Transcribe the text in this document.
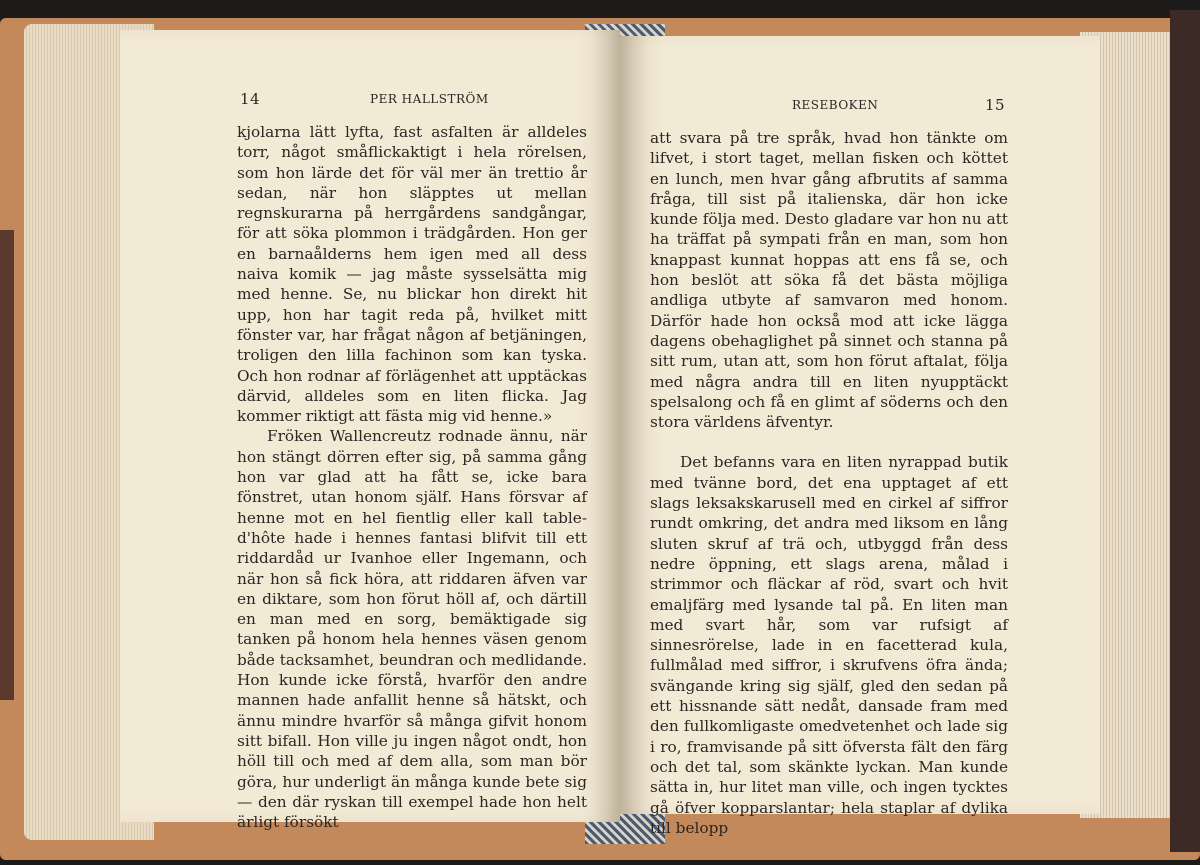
14	PER HALLSTRÖM

kjolarna lätt lyfta, fast asfalten är alldeles torr, något småflickaktigt i hela rörelsen, som hon lärde det för väl mer än trettio år sedan, när hon släpptes ut mellan regnskurarna på herrgårdens sandgångar, för att söka plommon i trädgården. Hon ger en barnaålderns hem igen med all dess naiva komik — jag måste sysselsätta mig med henne. Se, nu blickar hon direkt hit upp, hon har tagit reda på, hvilket mitt fönster var, har frågat någon af betjäningen, troligen den lilla fachinon som kan tyska. Och hon rodnar af förlägenhet att upptäckas därvid, alldeles som en liten flicka. Jag kommer riktigt att fästa mig vid henne.»

Fröken Wallencreutz rodnade ännu, när hon stängt dörren efter sig, på samma gång hon var glad att ha fått se, icke bara fönstret, utan honom själf. Hans försvar af henne mot en hel fientlig eller kall table-d'hôte hade i hennes fantasi blifvit till ett riddardåd ur Ivanhoe eller Ingemann, och när hon så fick höra, att riddaren äfven var en diktare, som hon förut höll af, och därtill en man med en sorg, bemäktigade sig tanken på honom hela hennes väsen genom både tacksamhet, beundran och medlidande. Hon kunde icke förstå, hvarför den andre mannen hade anfallit henne så hätskt, och ännu mindre hvarför så många gifvit honom sitt bifall. Hon ville ju ingen något ondt, hon höll till och med af dem alla, som man bör göra, hur underligt än många kunde bete sig — den där ryskan till exempel hade hon helt ärligt försökt

RESEBOKEN	15

att svara på tre språk, hvad hon tänkte om lifvet, i stort taget, mellan fisken och köttet en lunch, men hvar gång afbrutits af samma fråga, till sist på italienska, där hon icke kunde följa med. Desto gladare var hon nu att ha träffat på sympati från en man, som hon knappast kunnat hoppas att ens få se, och hon beslöt att söka få det bästa möjliga andliga utbyte af samvaron med honom. Därför hade hon också mod att icke lägga dagens obehaglighet på sinnet och stanna på sitt rum, utan att, som hon förut aftalat, följa med några andra till en liten nyupptäckt spelsalong och få en glimt af söderns och den stora världens äfventyr.

Det befanns vara en liten nyrappad butik med tvänne bord, det ena upptaget af ett slags leksakskarusell med en cirkel af siffror rundt omkring, det andra med liksom en lång sluten skruf af trä och, utbyggd från dess nedre öppning, ett slags arena, målad i strimmor och fläckar af röd, svart och hvit emaljfärg med lysande tal på. En liten man med svart hår, som var rufsigt af sinnesrörelse, lade in en facetterad kula, fullmålad med siffror, i skrufvens öfra ända; svängande kring sig själf, gled den sedan på ett hissnande sätt nedåt, dansade fram med den fullkomligaste omedvetenhet och lade sig i ro, framvisande på sitt öfversta fält den färg och det tal, som skänkte lyckan. Man kunde sätta in, hur litet man ville, och ingen tycktes gå öfver kopparslantar; hela staplar af dylika till belopp
